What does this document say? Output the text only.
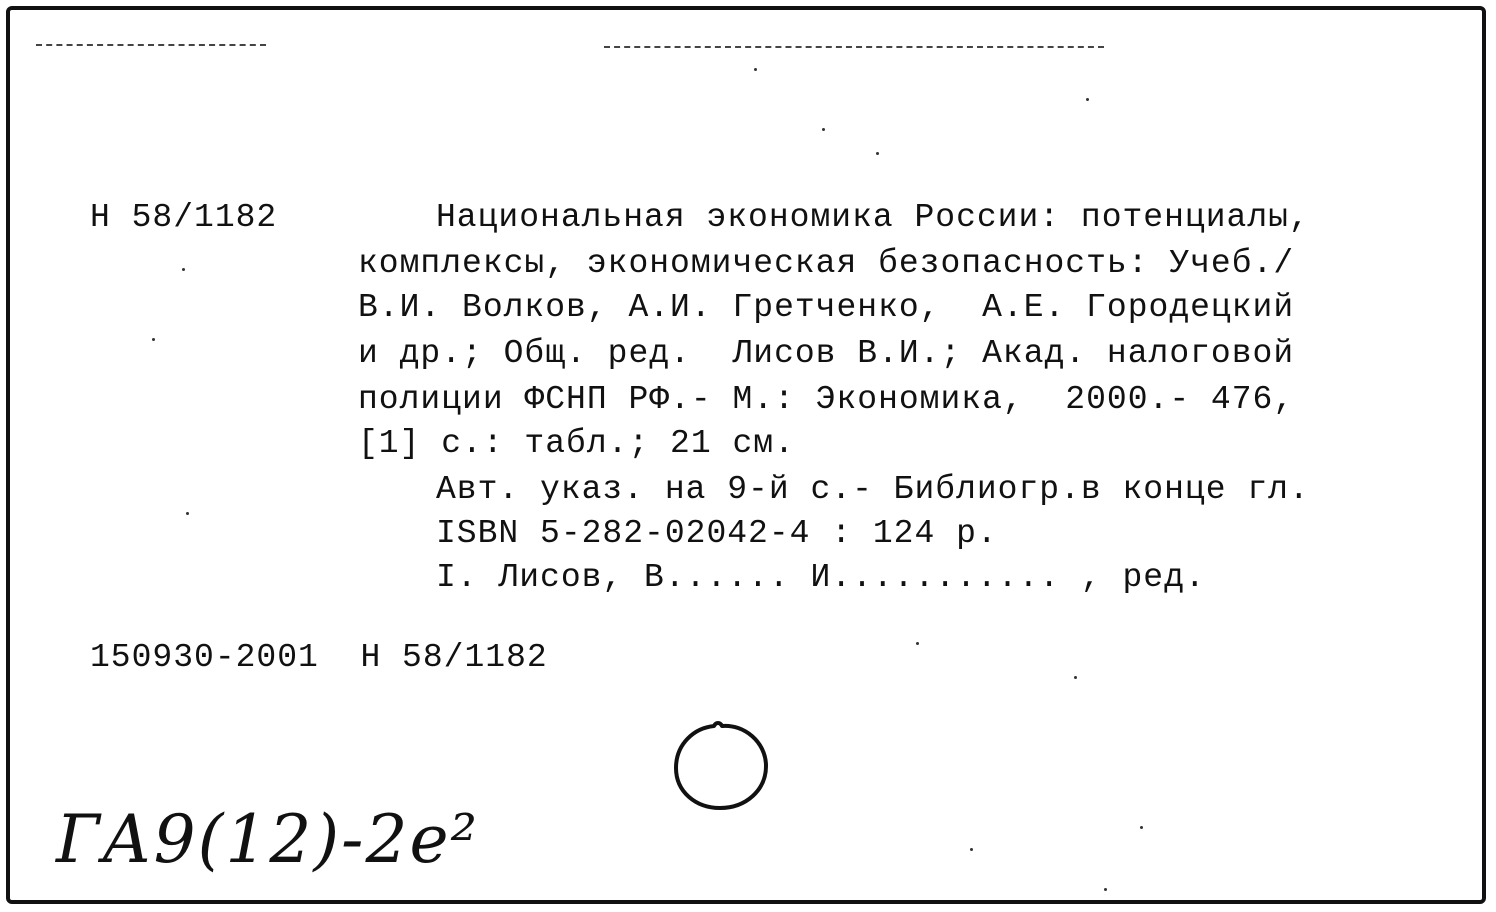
Н 58/1182	Нaциональная экономика России: потенциалы,
комплексы, экономическая безопасность: Учеб./
В.И. Волков, А.И. Гретченко,  А.Е. Городецкий
и др.; Общ. ред.  Лисов В.И.; Акад. налоговой
полиции ФСНП РФ.- М.: Экономика,  2000.- 476,
[1] с.: табл.; 21 см.
Авт. указ. на 9-й с.- Библиогр.в конце гл.
ISBN 5-282-02042-4 : 124 р.
I. Лисов, В...... И........... , ред.
150930-2001  Н 58/1182
ГА9(12)-2е²
